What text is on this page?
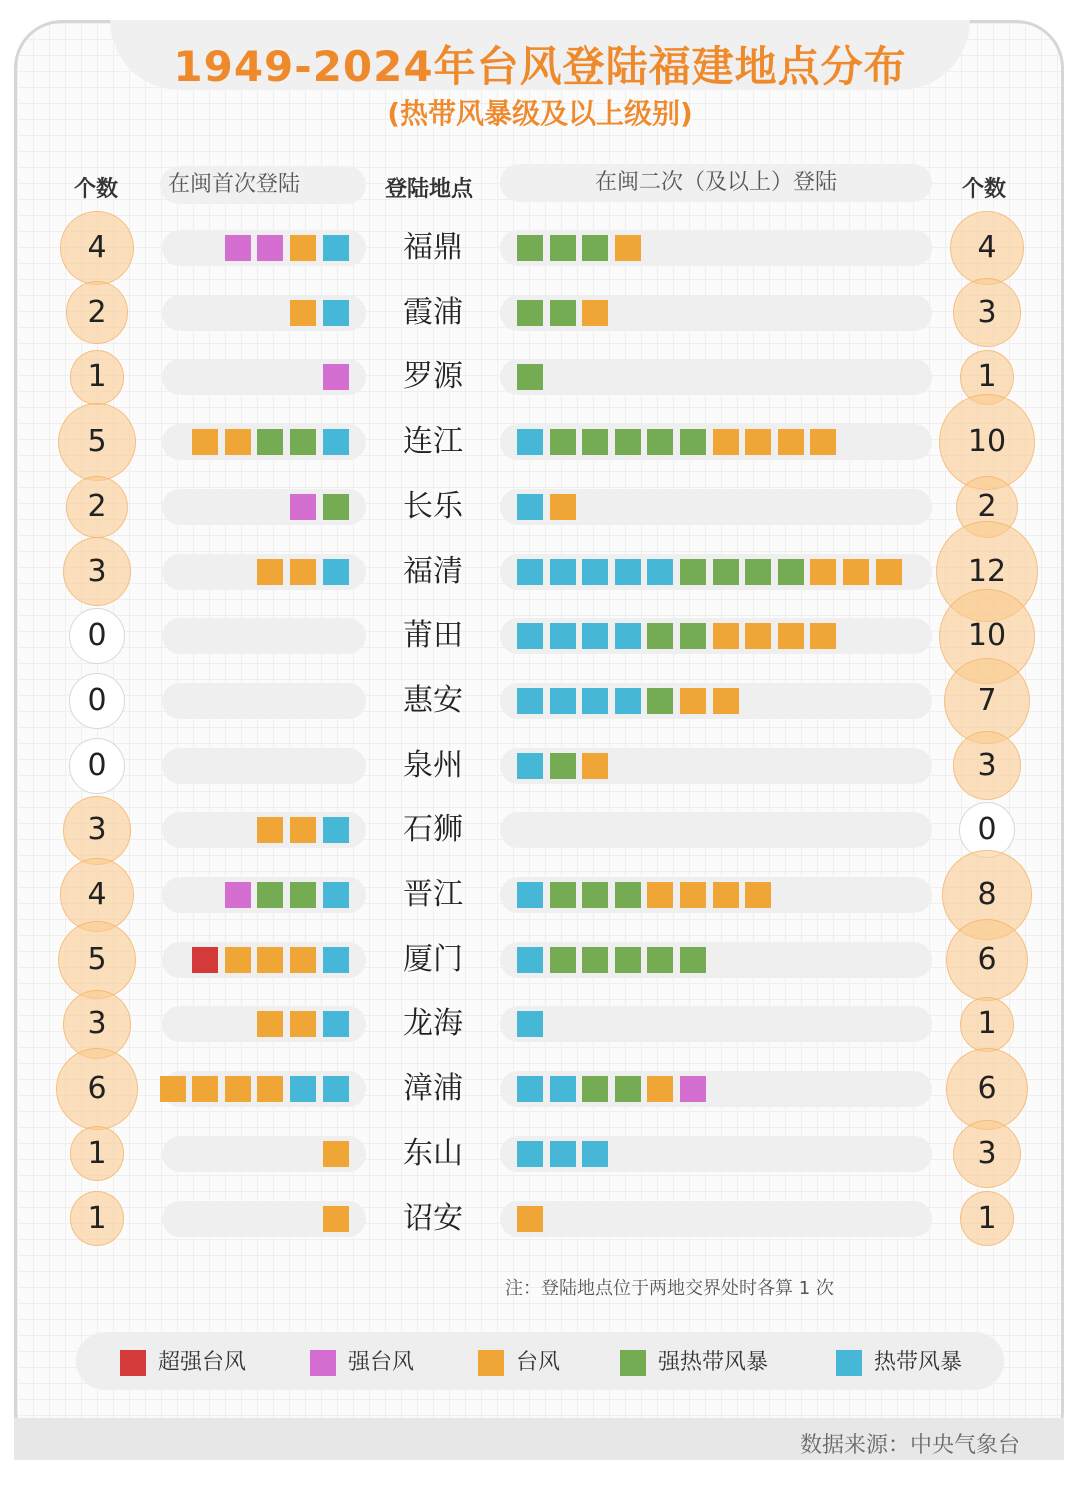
1949-2024年台风登陆福建地点分布
(热带风暴级及以上级别)
个数	在闽首次登陆	登陆地点	在闽二次（及以上）登陆	个数
4	福鼎	4
2	霞浦	3
1	罗源	1
5	连江	10
2	长乐	2
3	福清	12
0	莆田	10
0	惠安	7
0	泉州	3
3	石狮	0
4	晋江	8
5	厦门	6
3	龙海	1
6	漳浦	6
1	东山	3
1	诏安	1
注：登陆地点位于两地交界处时各算 1 次
超强台风	强台风	台风	强热带风暴	热带风暴
数据来源：中央气象台
